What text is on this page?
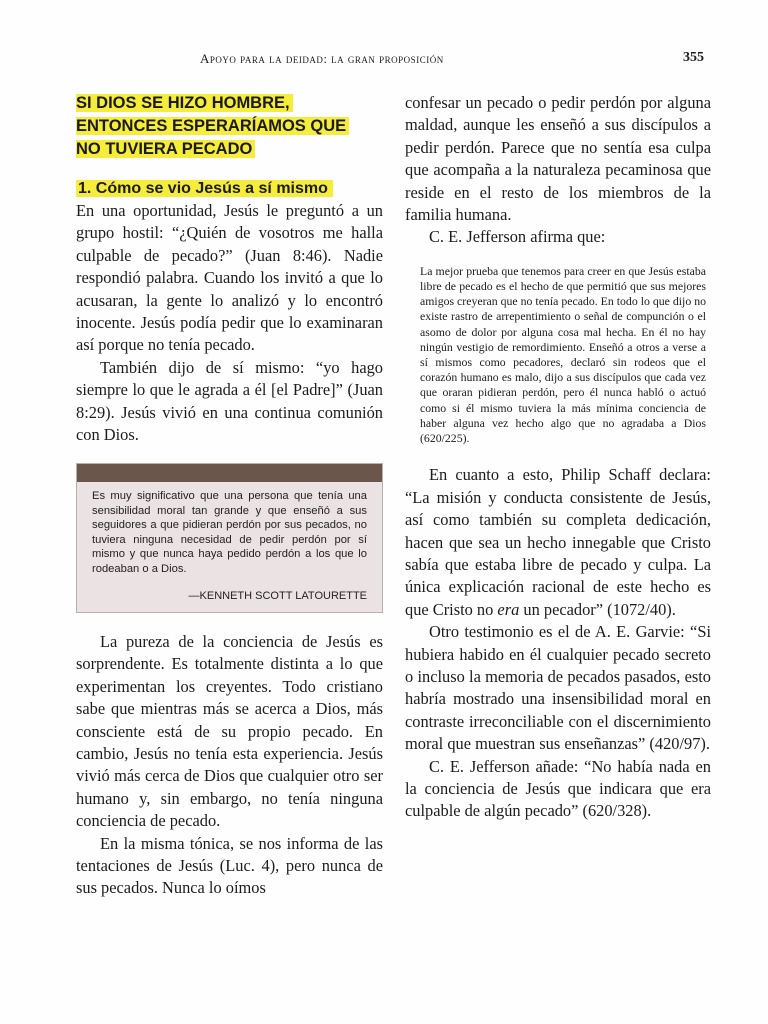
Apoyo para la deidad: la gran proposición	355
SI DIOS SE HIZO HOMBRE,
ENTONCES ESPERARÍAMOS QUE
NO TUVIERA PECADO
1. Cómo se vio Jesús a sí mismo

En una oportunidad, Jesús le preguntó a un grupo hostil: “¿Quién de vosotros me halla culpable de pecado?” (Juan 8:46). Nadie respondió palabra. Cuando los invitó a que lo acusaran, la gente lo analizó y lo encontró inocente. Jesús podía pedir que lo examinaran así porque no tenía pecado.

También dijo de sí mismo: “yo hago siempre lo que le agrada a él [el Padre]” (Juan 8:29). Jesús vivió en una continua comunión con Dios.

Es muy significativo que una persona que tenía una sensibilidad moral tan grande y que enseñó a sus seguidores a que pidieran perdón por sus pecados, no tuviera ninguna necesidad de pedir perdón por sí mismo y que nunca haya pedido perdón a los que lo rodeaban o a Dios.

—KENNETH SCOTT LATOURETTE

La pureza de la conciencia de Jesús es sorprendente. Es totalmente distinta a lo que experimentan los creyentes. Todo cristiano sabe que mientras más se acerca a Dios, más consciente está de su propio pecado. En cambio, Jesús no tenía esta experiencia. Jesús vivió más cerca de Dios que cualquier otro ser humano y, sin embargo, no tenía ninguna conciencia de pecado.

En la misma tónica, se nos informa de las tentaciones de Jesús (Luc. 4), pero nunca de sus pecados. Nunca lo oímos

confesar un pecado o pedir perdón por alguna maldad, aunque les enseñó a sus discípulos a pedir perdón. Parece que no sentía esa culpa que acompaña a la naturaleza pecaminosa que reside en el resto de los miembros de la familia humana.

C. E. Jefferson afirma que:

La mejor prueba que tenemos para creer en que Jesús estaba libre de pecado es el hecho de que permitió que sus mejores amigos creyeran que no tenía pecado. En todo lo que dijo no existe rastro de arrepentimiento o señal de compunción o el asomo de dolor por alguna cosa mal hecha. En él no hay ningún vestigio de remordimiento. Enseñó a otros a verse a sí mismos como pecadores, declaró sin rodeos que el corazón humano es malo, dijo a sus discípulos que cada vez que oraran pidieran perdón, pero él nunca habló o actuó como si él mismo tuviera la más mínima conciencia de haber alguna vez hecho algo que no agradaba a Dios (620/225).

En cuanto a esto, Philip Schaff declara: “La misión y conducta consistente de Jesús, así como también su completa dedicación, hacen que sea un hecho innegable que Cristo sabía que estaba libre de pecado y culpa. La única explicación racional de este hecho es que Cristo no era un pecador” (1072/40).

Otro testimonio es el de A. E. Garvie: “Si hubiera habido en él cualquier pecado secreto o incluso la memoria de pecados pasados, esto habría mostrado una insensibilidad moral en contraste irreconciliable con el discernimiento moral que muestran sus enseñanzas” (420/97).

C. E. Jefferson añade: “No había nada en la conciencia de Jesús que indicara que era culpable de algún pecado” (620/328).
